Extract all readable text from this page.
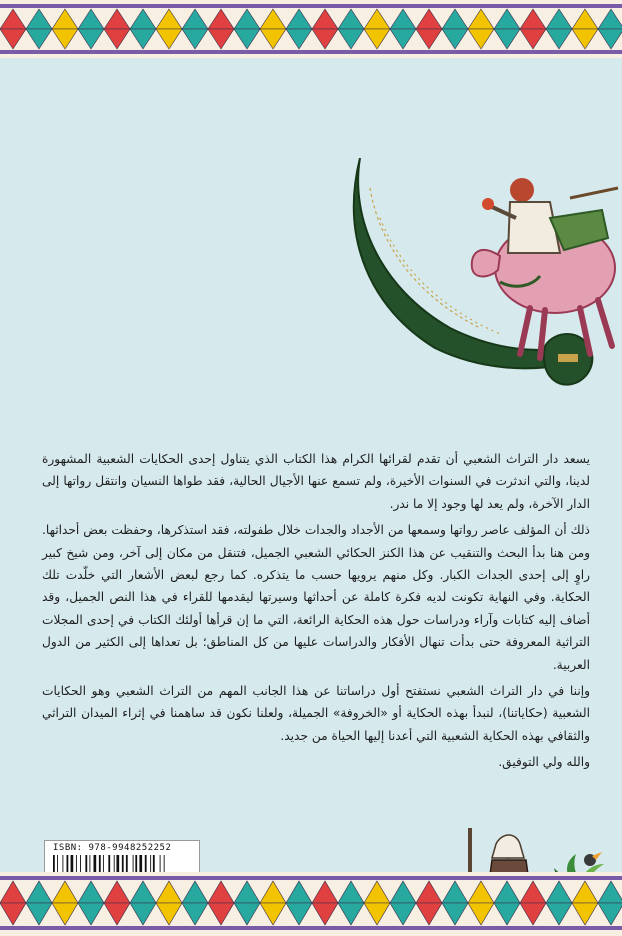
يسعد دار التراث الشعبي أن تقدم لقرائها الكرام هذا الكتاب الذي يتناول إحدى الحكايات الشعبية المشهورة لدينا، والتي اندثرت في السنوات الأخيرة، ولم تسمع عنها الأجيال الحالية، فقد طواها النسيان وانتقل رواتها إلى الدار الآخرة، ولم يعد لها وجود إلا ما ندر.

ذلك أن المؤلف عاصر رواتها وسمعها من الأجداد والجدات خلال طفولته، فقد استذكرها، وحفظت بعض أحداثها. ومن هنا بدأ البحث والتنقيب عن هذا الكنز الحكائي الشعبي الجميل، فتنقل من مكان إلى آخر، ومن شيخ كبير راوٍ إلى إحدى الجدات الكبار. وكل منهم يرويها حسب ما يتذكره. كما رجع لبعض الأشعار التي خلّدت تلك الحكاية. وفي النهاية تكونت لديه فكرة كاملة عن أحداثها وسيرتها ليقدمها للقراء في هذا النص الجميل، وقد أضاف إليه كتابات وآراء ودراسات حول هذه الحكاية الرائعة، التي ما إن قرأها أولئك الكتاب في إحدى المجلات التراثية المعروفة حتى بدأت تنهال الأفكار والدراسات عليها من كل المناطق؛ بل تعداها إلى الكثير من الدول العربية.

وإننا في دار التراث الشعبي نستفتح أول دراساتنا عن هذا الجانب المهم من التراث الشعبي وهو الحكايات الشعبية (حكاياتنا)، لنبدأ بهذه الحكاية أو «الخروفة» الجميلة، ولعلنا نكون قد ساهمنا في إثراء الميدان التراثي والثقافي بهذه الحكاية الشعبية التي أعدنا إليها الحياة من جديد.

والله ولي التوفيق.

ISBN: 978-9948252252
